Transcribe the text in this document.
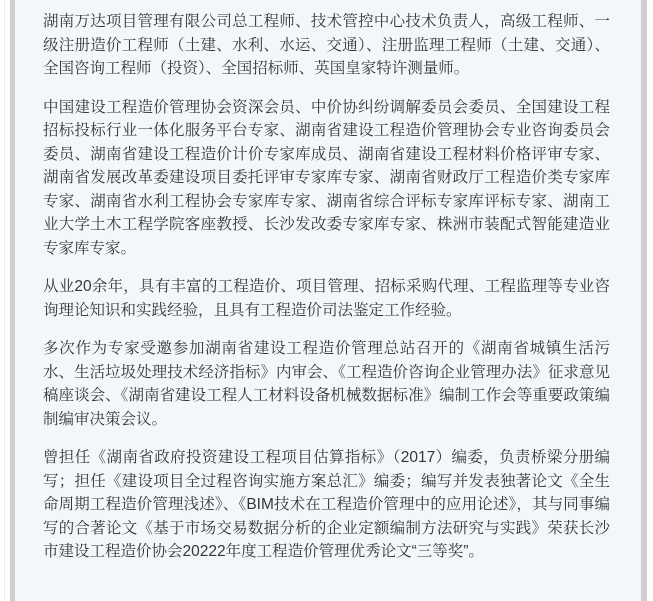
湖南万达项目管理有限公司总工程师、技术管控中心技术负责人，高级工程师、一级注册造价工程师（土建、水利、水运、交通）、注册监理工程师（土建、交通）、全国咨询工程师（投资）、全国招标师、英国皇家特许测量师。

中国建设工程造价管理协会资深会员、中价协纠纷调解委员会委员、全国建设工程招标投标行业一体化服务平台专家、湖南省建设工程造价管理协会专业咨询委员会委员、湖南省建设工程造价计价专家库成员、湖南省建设工程材料价格评审专家、湖南省发展改革委建设项目委托评审专家库专家、湖南省财政厅工程造价类专家库专家、湖南省水利工程协会专家库专家、湖南省综合评标专家库评标专家、湖南工业大学土木工程学院客座教授、长沙发改委专家库专家、株洲市装配式智能建造业专家库专家。

从业20余年，具有丰富的工程造价、项目管理、招标采购代理、工程监理等专业咨询理论知识和实践经验，且具有工程造价司法鉴定工作经验。

多次作为专家受邀参加湖南省建设工程造价管理总站召开的《湖南省城镇生活污水、生活垃圾处理技术经济指标》内审会、《工程造价咨询企业管理办法》征求意见稿座谈会、《湖南省建设工程人工材料设备机械数据标准》编制工作会等重要政策编制编审决策会议。

曾担任《湖南省政府投资建设工程项目估算指标》（2017）编委，负责桥梁分册编写；担任《建设项目全过程咨询实施方案总汇》编委；编写并发表独著论文《全生命周期工程造价管理浅述》、《BIM技术在工程造价管理中的应用论述》，其与同事编写的合著论文《基于市场交易数据分析的企业定额编制方法研究与实践》荣获长沙市建设工程造价协会20222年度工程造价管理优秀论文“三等奖”。
